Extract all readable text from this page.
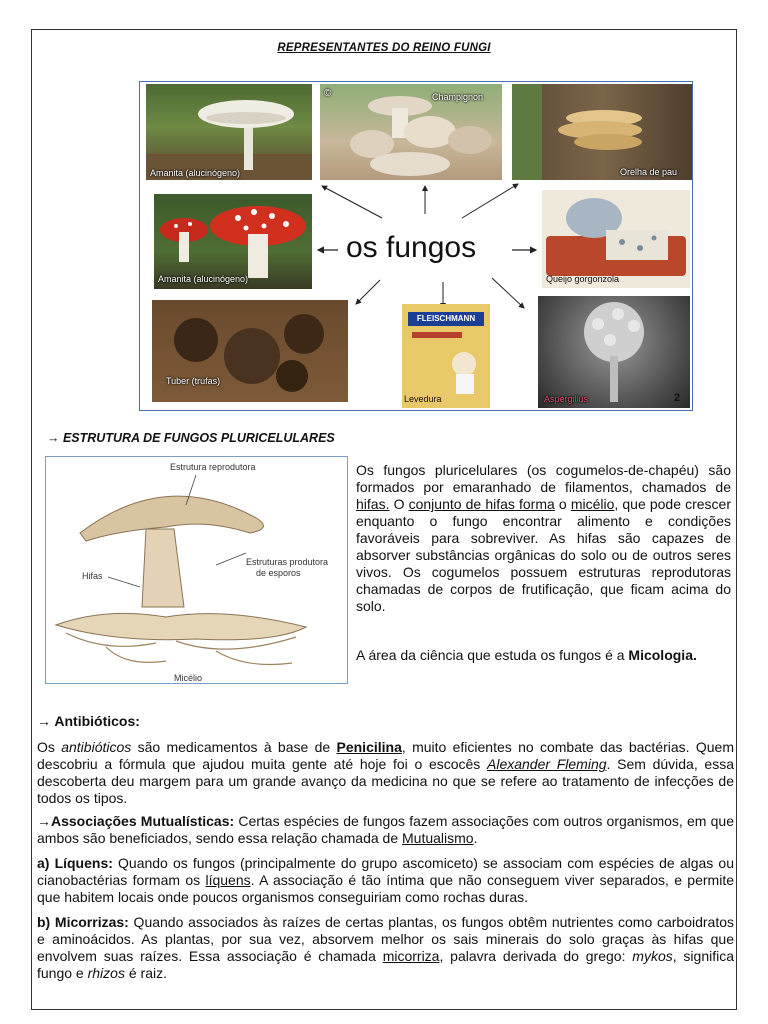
REPRESENTANTES DO REINO FUNGI
Amanita (alucinógeno)
©	Champignon
Orelha de pau
Amanita (alucinógeno)
os fungos
Queijo gorgonzola
Tuber (trufas)
FLEISCHMANN
Levedura	Aspergillus	2
→ ESTRUTURA DE FUNGOS PLURICELULARES
Estrutura reprodutora
Estruturas produtora
de esporos
Hifas
Micélio
Os fungos pluricelulares (os cogumelos-de-chapéu) são formados por emaranhado de filamentos, chamados de hifas. O conjunto de hifas forma o micélio, que pode crescer enquanto o fungo encontrar alimento e condições favoráveis para sobreviver. As hifas são capazes de absorver substâncias orgânicas do solo ou de outros seres vivos. Os cogumelos possuem estruturas reprodutoras chamadas de corpos de frutificação, que ficam acima do solo.
A área da ciência que estuda os fungos é a Micologia.
→ Antibióticos:
Os antibióticos são medicamentos à base de Penicilina, muito eficientes no combate das bactérias. Quem descobriu a fórmula que ajudou muita gente até hoje foi o escocês Alexander Fleming. Sem dúvida, essa descoberta deu margem para um grande avanço da medicina no que se refere ao tratamento de infecções de todos os tipos.
→Associações Mutualísticas: Certas espécies de fungos fazem associações com outros organismos, em que ambos são beneficiados, sendo essa relação chamada de Mutualismo.
a) Líquens: Quando os fungos (principalmente do grupo ascomiceto) se associam com espécies de algas ou cianobactérias formam os líquens. A associação é tão íntima que não conseguem viver separados, e permite que habitem locais onde poucos organismos conseguiriam como rochas duras.
b) Micorrizas: Quando associados às raízes de certas plantas, os fungos obtêm nutrientes como carboidratos e aminoácidos. As plantas, por sua vez, absorvem melhor os sais minerais do solo graças às hifas que envolvem suas raízes. Essa associação é chamada micorriza, palavra derivada do grego: mykos, significa fungo e rhizos é raiz.
